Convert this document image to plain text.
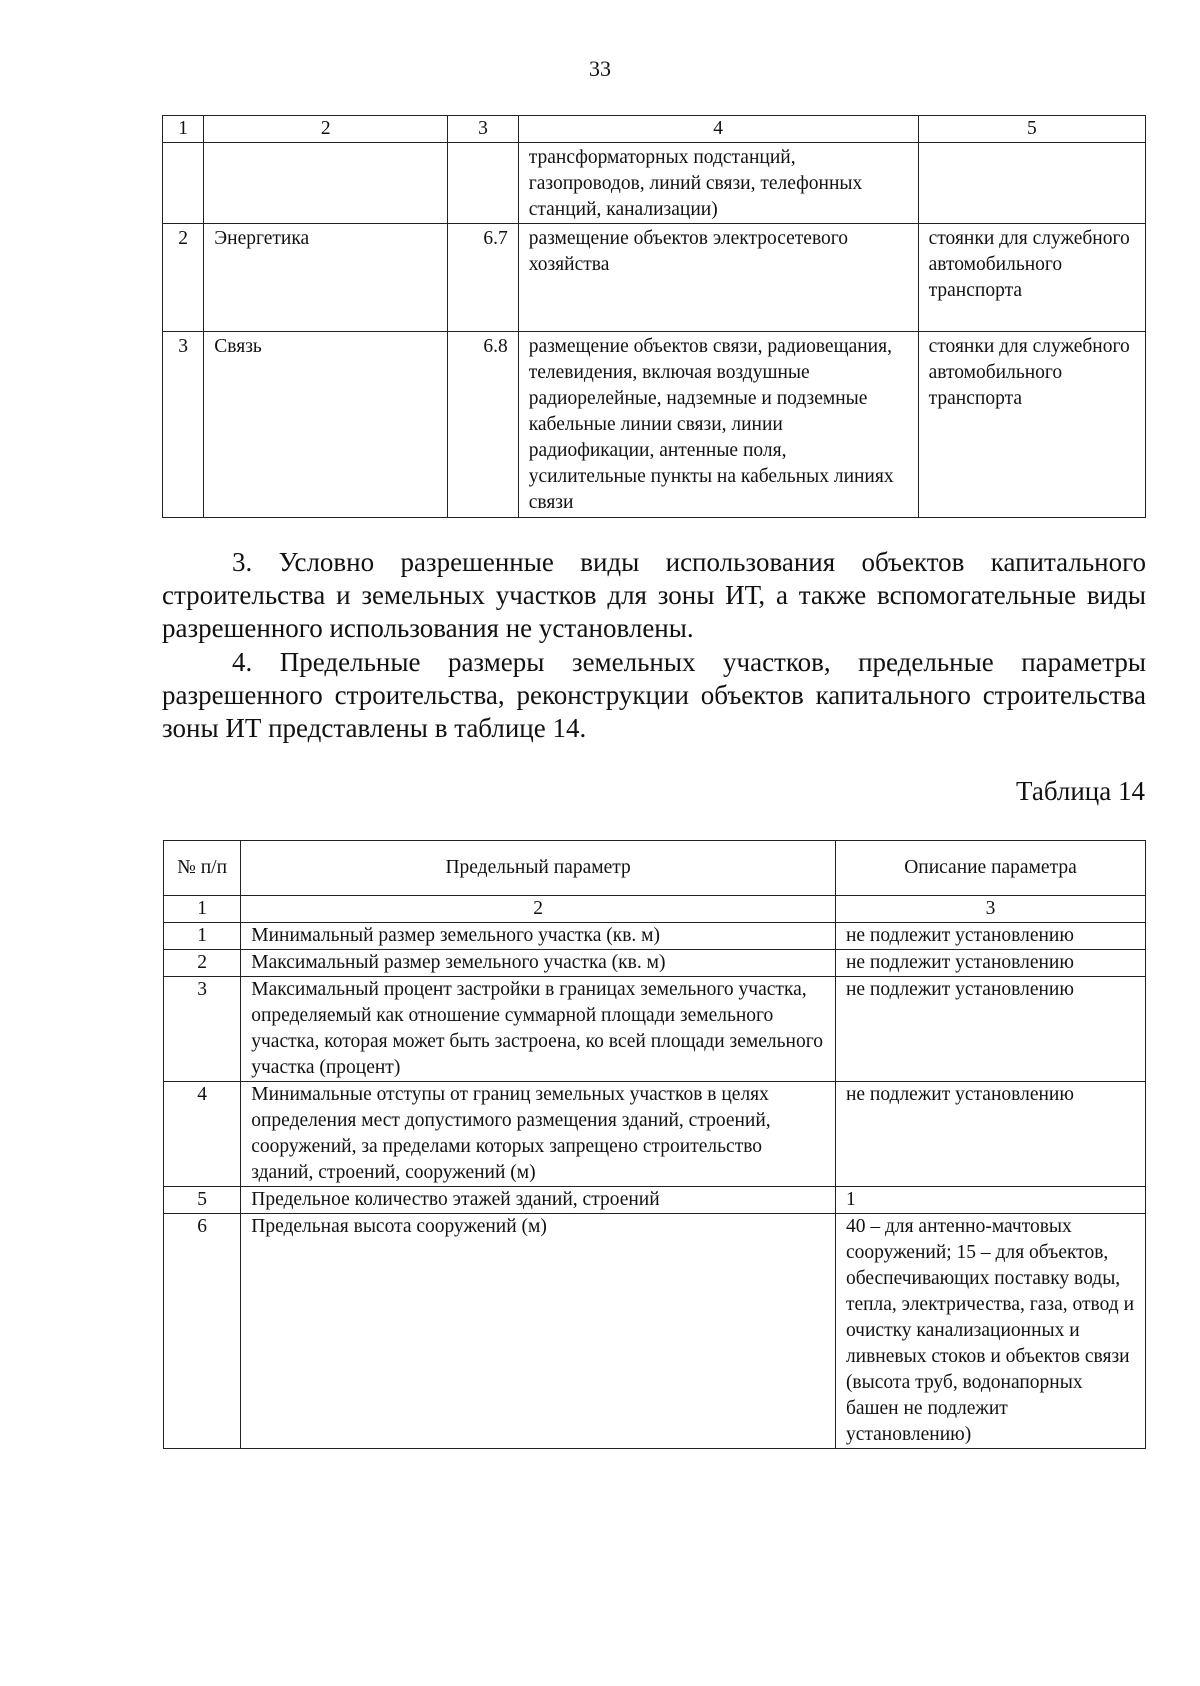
33
1	2	3	4	5
			трансформаторных подстанций, газопроводов, линий связи, телефонных станций, канализации)	
2	Энергетика	6.7	размещение объектов электросетевого хозяйства	стоянки для служебного автомобильного транспорта
3	Связь	6.8	размещение объектов связи, радиовещания, телевидения, включая воздушные радиорелейные, надземные и подземные кабельные линии связи, линии радиофикации, антенные поля, усилительные пункты на кабельных линиях связи	стоянки для служебного автомобильного транспорта
3. Условно разрешенные виды использования объектов капитального строительства и земельных участков для зоны ИТ, а также вспомогательные виды разрешенного использования не установлены.
4. Предельные размеры земельных участков, предельные параметры разрешенного строительства, реконструкции объектов капитального строительства зоны ИТ представлены в таблице 14.
Таблица 14
№ п/п	Предельный параметр	Описание параметра
1	2	3
1	Минимальный размер земельного участка (кв. м)	не подлежит установлению
2	Максимальный размер земельного участка (кв. м)	не подлежит установлению
3	Максимальный процент застройки в границах земельного участка, определяемый как отношение суммарной площади земельного участка, которая может быть застроена, ко всей площади земельного участка (процент)	не подлежит установлению
4	Минимальные отступы от границ земельных участков в целях определения мест допустимого размещения зданий, строений, сооружений, за пределами которых запрещено строительство зданий, строений, сооружений (м)	не подлежит установлению
5	Предельное количество этажей зданий, строений	1
6	Предельная высота сооружений (м)	40 – для антенно-мачтовых сооружений; 15 – для объектов, обеспечивающих поставку воды, тепла, электричества, газа, отвод и очистку канализационных и ливневых стоков и объектов связи (высота труб, водонапорных башен не подлежит установлению)
